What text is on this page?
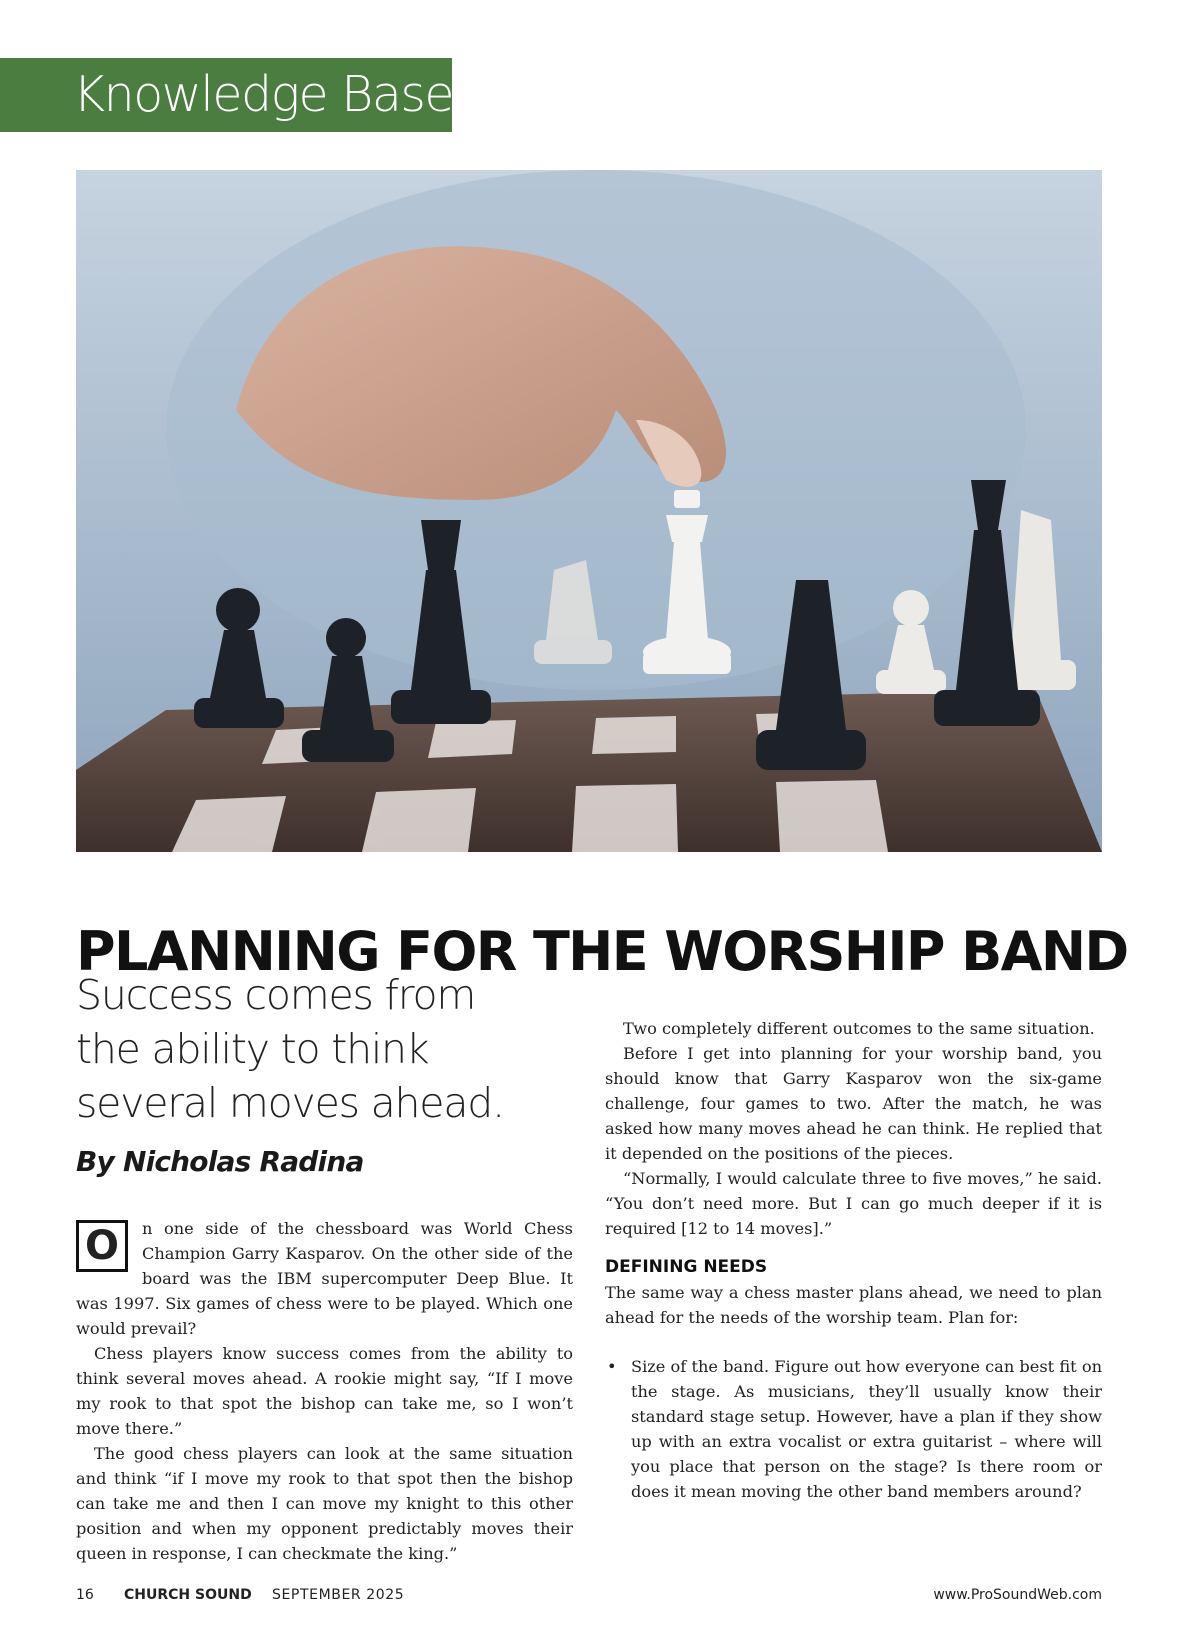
Knowledge Base
PLANNING FOR THE WORSHIP BAND
Success comes from the ability to think several moves ahead.
By Nicholas Radina

O	n one side of the chessboard was World Chess Champion Garry Kasparov. On the other side of the board was the IBM supercomputer Deep Blue. It was 1997. Six games of chess were to be played. Which one would prevail?

Chess players know success comes from the ability to think several moves ahead. A rookie might say, “If I move my rook to that spot the bishop can take me, so I won’t move there.”

The good chess players can look at the same situation and think “if I move my rook to that spot then the bishop can take me and then I can move my knight to this other position and when my opponent predictably moves their queen in response, I can checkmate the king.”

Two completely different outcomes to the same situation.

Before I get into planning for your worship band, you should know that Garry Kasparov won the six-game challenge, four games to two. After the match, he was asked how many moves ahead he can think. He replied that it depended on the positions of the pieces.

“Normally, I would calculate three to five moves,” he said. “You don’t need more. But I can go much deeper if it is required [12 to 14 moves].”

DEFINING NEEDS

The same way a chess master plans ahead, we need to plan ahead for the needs of the worship team. Plan for:

• Size of the band. Figure out how everyone can best fit on the stage. As musicians, they’ll usually know their standard stage setup. However, have a plan if they show up with an extra vocalist or extra guitarist – where will you place that person on the stage? Is there room or does it mean moving the other band members around?
16 CHURCH SOUND SEPTEMBER 2025	www.ProSoundWeb.com
